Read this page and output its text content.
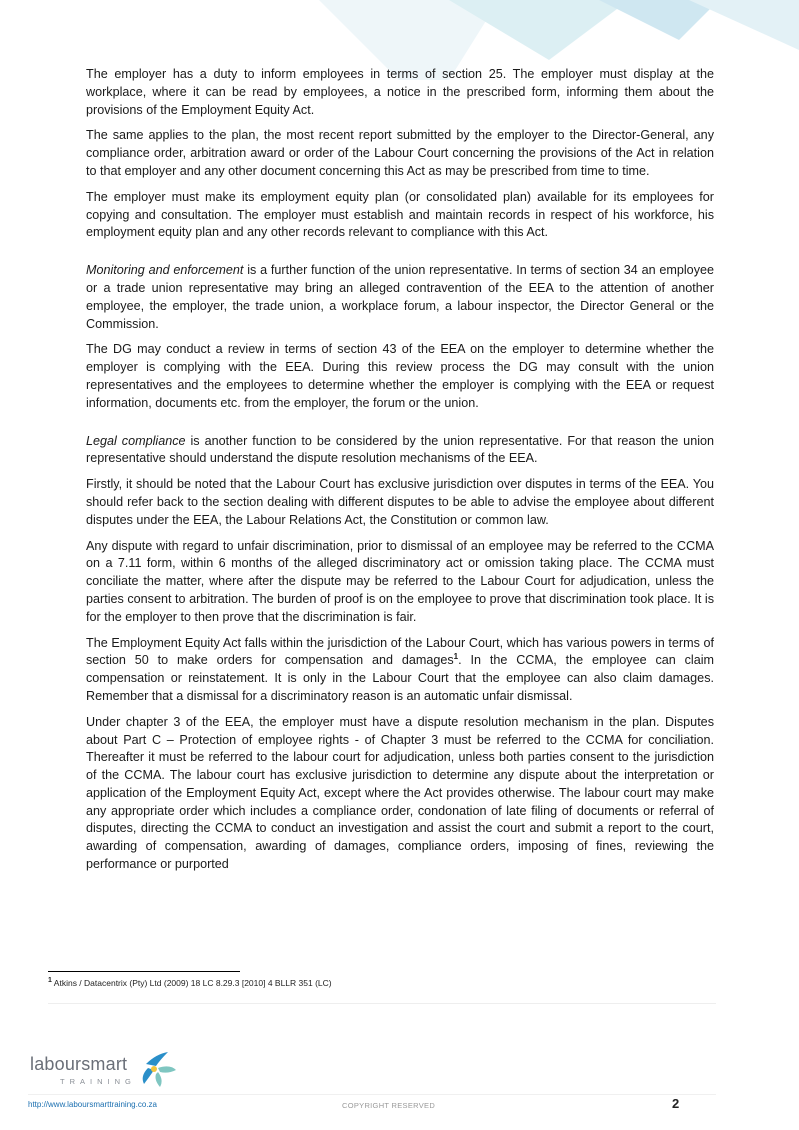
The employer has a duty to inform employees in terms of section 25. The employer must display at the workplace, where it can be read by employees, a notice in the prescribed form, informing them about the provisions of the Employment Equity Act.

The same applies to the plan, the most recent report submitted by the employer to the Director-General, any compliance order, arbitration award or order of the Labour Court concerning the provisions of the Act in relation to that employer and any other document concerning this Act as may be prescribed from time to time.

The employer must make its employment equity plan (or consolidated plan) available for its employees for copying and consultation. The employer must establish and maintain records in respect of his workforce, his employment equity plan and any other records relevant to compliance with this Act.

Monitoring and enforcement is a further function of the union representative. In terms of section 34 an employee or a trade union representative may bring an alleged contravention of the EEA to the attention of another employee, the employer, the trade union, a workplace forum, a labour inspector, the Director General or the Commission.

The DG may conduct a review in terms of section 43 of the EEA on the employer to determine whether the employer is complying with the EEA. During this review process the DG may consult with the union representatives and the employees to determine whether the employer is complying with the EEA or request information, documents etc. from the employer, the forum or the union.

Legal compliance is another function to be considered by the union representative. For that reason the union representative should understand the dispute resolution mechanisms of the EEA.

Firstly, it should be noted that the Labour Court has exclusive jurisdiction over disputes in terms of the EEA. You should refer back to the section dealing with different disputes to be able to advise the employee about different disputes under the EEA, the Labour Relations Act, the Constitution or common law.

Any dispute with regard to unfair discrimination, prior to dismissal of an employee may be referred to the CCMA on a 7.11 form, within 6 months of the alleged discriminatory act or omission taking place. The CCMA must conciliate the matter, where after the dispute may be referred to the Labour Court for adjudication, unless the parties consent to arbitration. The burden of proof is on the employee to prove that discrimination took place. It is for the employer to then prove that the discrimination is fair.

The Employment Equity Act falls within the jurisdiction of the Labour Court, which has various powers in terms of section 50 to make orders for compensation and damages$^1$. In the CCMA, the employee can claim compensation or reinstatement. It is only in the Labour Court that the employee can also claim damages. Remember that a dismissal for a discriminatory reason is an automatic unfair dismissal.

Under chapter 3 of the EEA, the employer must have a dispute resolution mechanism in the plan. Disputes about Part C – Protection of employee rights - of Chapter 3 must be referred to the CCMA for conciliation. Thereafter it must be referred to the labour court for adjudication, unless both parties consent to the jurisdiction of the CCMA. The labour court has exclusive jurisdiction to determine any dispute about the interpretation or application of the Employment Equity Act, except where the Act provides otherwise. The labour court may make any appropriate order which includes a compliance order, condonation of late filing of documents or referral of disputes, directing the CCMA to conduct an investigation and assist the court and submit a report to the court, awarding of compensation, awarding of damages, compliance orders, imposing of fines, reviewing the performance or purported

$^1$ Atkins / Datacentrix (Pty) Ltd (2009) 18 LC 8.29.3 [2010] 4 BLLR 351 (LC)
laboursmart
TRAINING
http://www.laboursmarttraining.co.za	COPYRIGHT RESERVED	2
